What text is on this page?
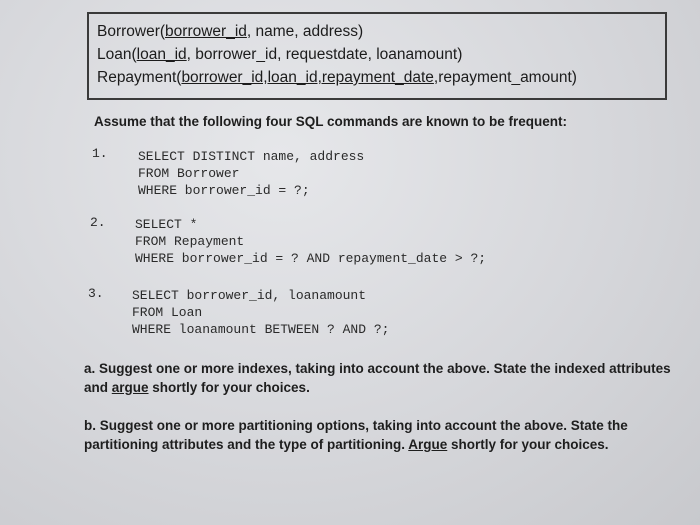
Borrower(borrower_id, name, address)
Loan(loan_id, borrower_id, requestdate, loanamount)
Repayment(borrower_id,loan_id,repayment_date,repayment_amount)
Assume that the following four SQL commands are known to be frequent:
1. SELECT DISTINCT name, address
FROM Borrower
WHERE borrower_id = ?;
2. SELECT *
FROM Repayment
WHERE borrower_id = ? AND repayment_date > ?;
3. SELECT borrower_id, loanamount
FROM Loan
WHERE loanamount BETWEEN ? AND ?;
a. Suggest one or more indexes, taking into account the above. State the indexed attributes and argue shortly for your choices.
b. Suggest one or more partitioning options, taking into account the above. State the partitioning attributes and the type of partitioning. Argue shortly for your choices.
